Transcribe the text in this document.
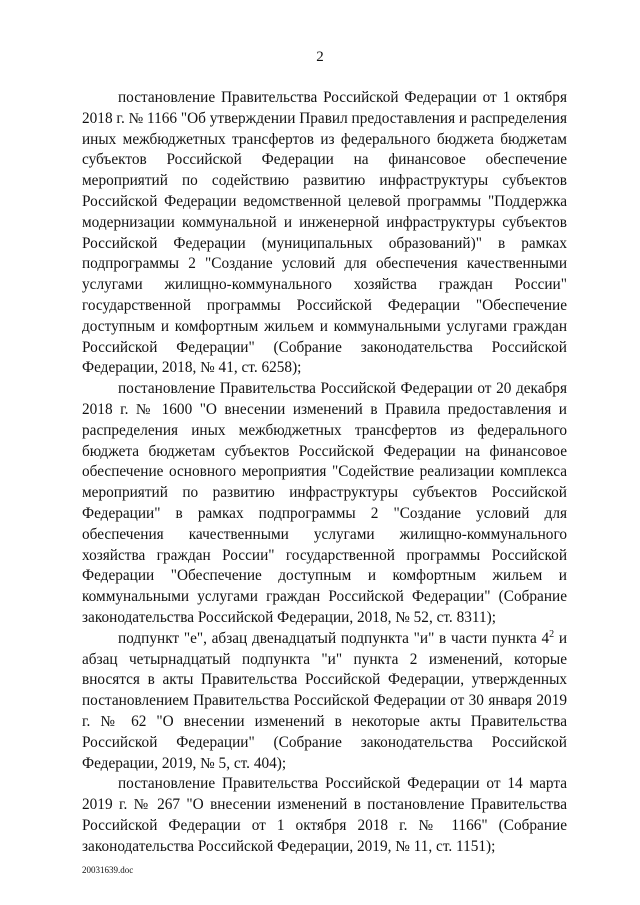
2

постановление Правительства Российской Федерации от 1 октября 2018 г. № 1166 "Об утверждении Правил предоставления и распределения иных межбюджетных трансфертов из федерального бюджета бюджетам субъектов Российской Федерации на финансовое обеспечение мероприятий по содействию развитию инфраструктуры субъектов Российской Федерации ведомственной целевой программы "Поддержка модернизации коммунальной и инженерной инфраструктуры субъектов Российской Федерации (муниципальных образований)" в рамках подпрограммы 2 "Создание условий для обеспечения качественными услугами жилищно-коммунального хозяйства граждан России" государственной программы Российской Федерации "Обеспечение доступным и комфортным жильем и коммунальными услугами граждан Российской Федерации" (Собрание законодательства Российской Федерации, 2018, № 41, ст. 6258);

постановление Правительства Российской Федерации от 20 декабря 2018 г. № 1600 "О внесении изменений в Правила предоставления и распределения иных межбюджетных трансфертов из федерального бюджета бюджетам субъектов Российской Федерации на финансовое обеспечение основного мероприятия "Содействие реализации комплекса мероприятий по развитию инфраструктуры субъектов Российской Федерации" в рамках подпрограммы 2 "Создание условий для обеспечения качественными услугами жилищно-коммунального хозяйства граждан России" государственной программы Российской Федерации "Обеспечение доступным и комфортным жильем и коммунальными услугами граждан Российской Федерации" (Собрание законодательства Российской Федерации, 2018, № 52, ст. 8311);

подпункт "е", абзац двенадцатый подпункта "и" в части пункта $4^2$ и абзац четырнадцатый подпункта "и" пункта 2 изменений, которые вносятся в акты Правительства Российской Федерации, утвержденных постановлением Правительства Российской Федерации от 30 января 2019 г. № 62 "О внесении изменений в некоторые акты Правительства Российской Федерации" (Собрание законодательства Российской Федерации, 2019, № 5, ст. 404);

постановление Правительства Российской Федерации от 14 марта 2019 г. № 267 "О внесении изменений в постановление Правительства Российской Федерации от 1 октября 2018 г. № 1166" (Собрание законодательства Российской Федерации, 2019, № 11, ст. 1151);

20031639.doc
